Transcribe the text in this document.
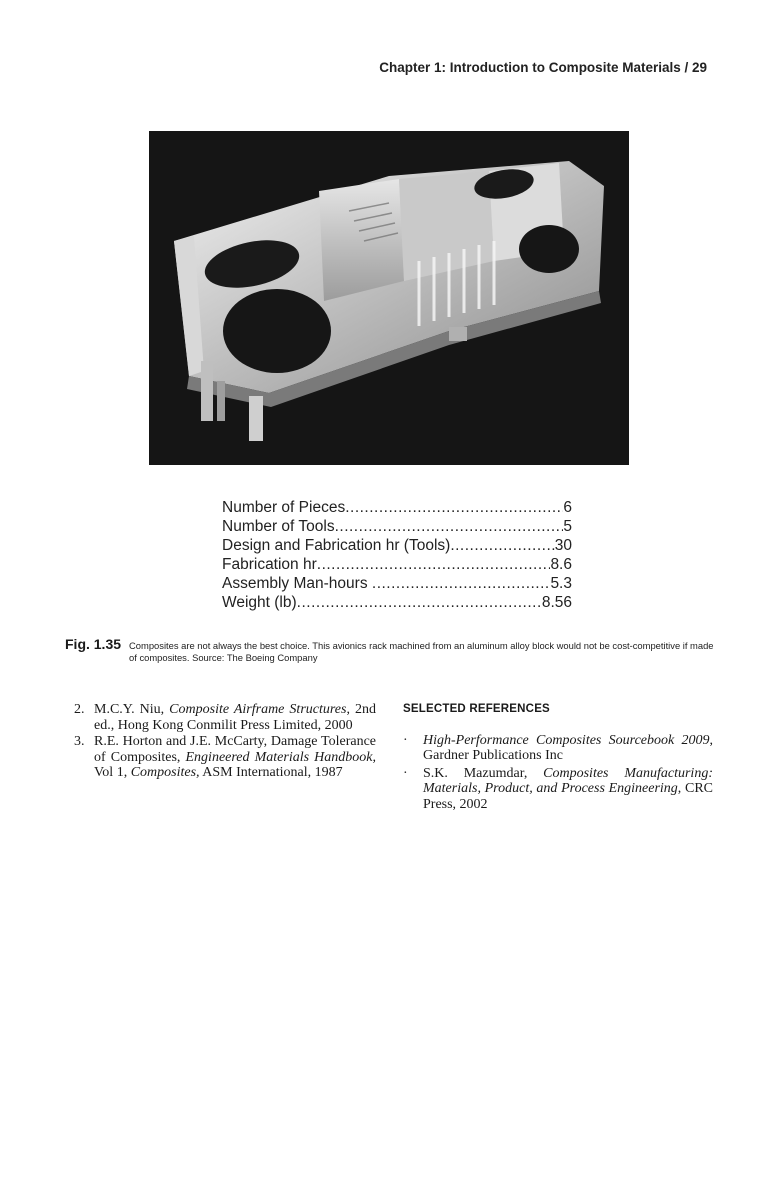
Chapter 1: Introduction to Composite Materials / 29
Number of Pieces .....	6
Number of Tools .....	5
Design and Fabrication hr (Tools) .....	30
Fabrication hr .....	8.6
Assembly Man-hours .....	5.3
Weight (lb) .....	8.56
Fig. 1.35 Composites are not always the best choice. This avionics rack machined from an aluminum alloy block would not be cost-competitive if made of composites. Source: The Boeing Company
2. M.C.Y. Niu, Composite Airframe Structures, 2nd ed., Hong Kong Conmilit Press Limited, 2000
3. R.E. Horton and J.E. McCarty, Damage Tolerance of Composites, Engineered Materials Handbook, Vol 1, Composites, ASM International, 1987
SELECTED REFERENCES
·	High-Performance Composites Sourcebook 2009, Gardner Publications Inc
·	S.K. Mazumdar, Composites Manufacturing: Materials, Product, and Process Engineering, CRC Press, 2002
